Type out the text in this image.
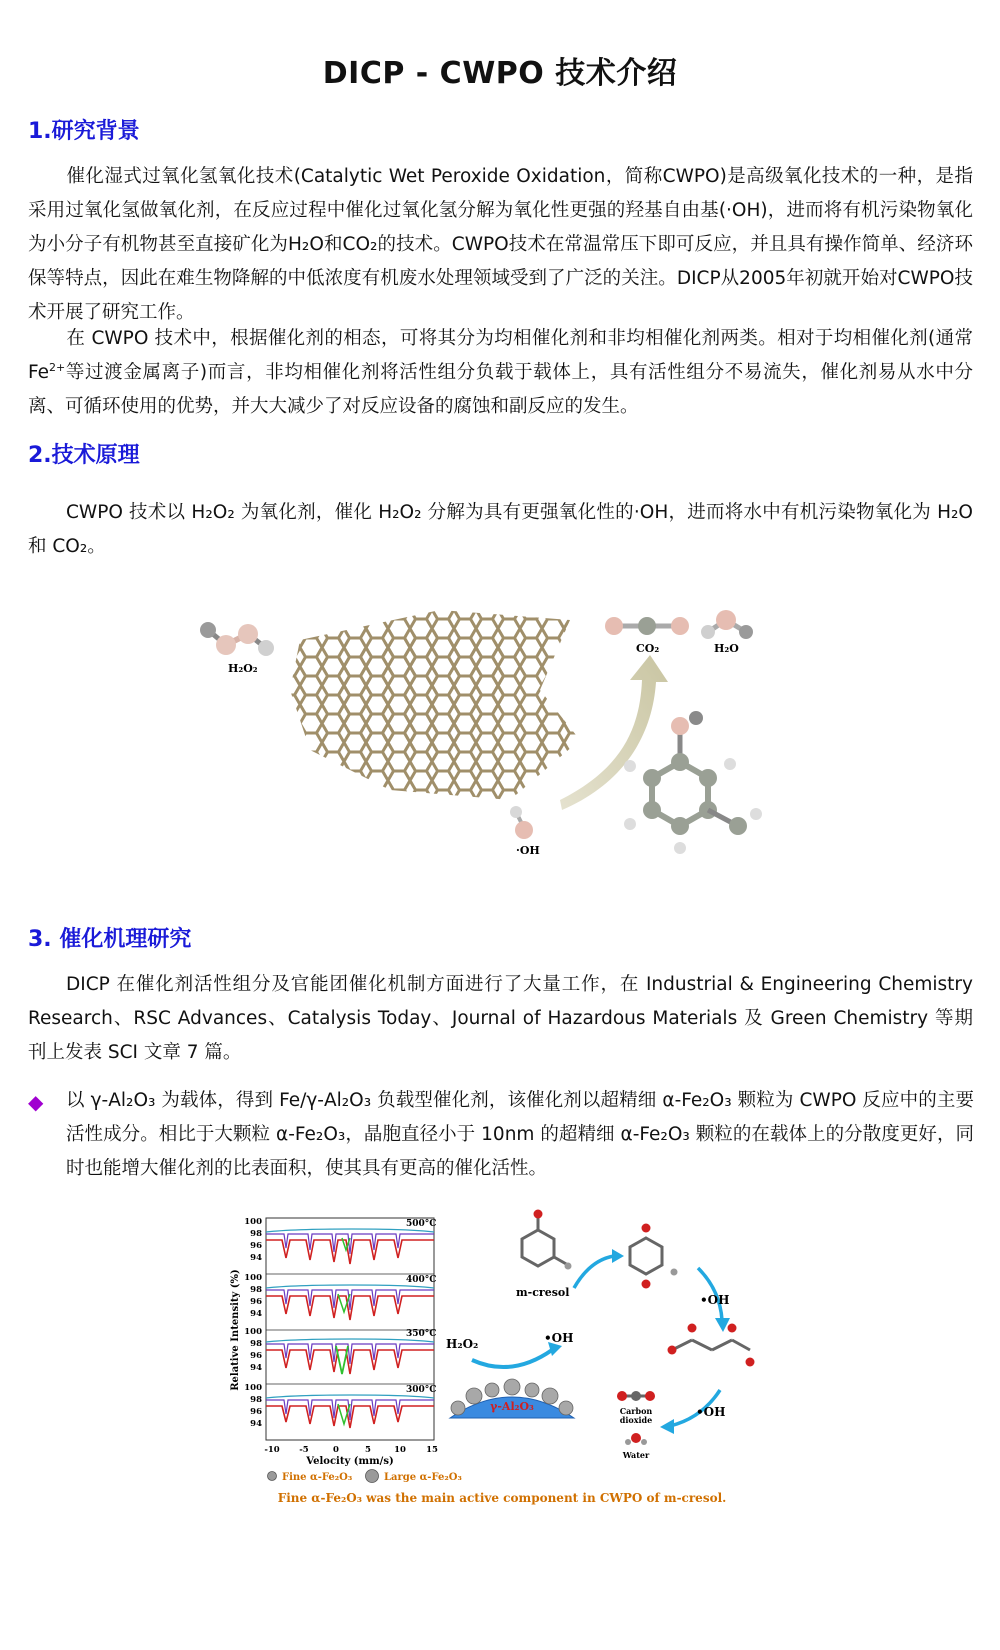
DICP - CWPO 技术介绍
1.研究背景
催化湿式过氧化氢氧化技术(Catalytic Wet Peroxide Oxidation，简称CWPO)是高级氧化技术的一种，是指采用过氧化氢做氧化剂，在反应过程中催化过氧化氢分解为氧化性更强的羟基自由基(·OH)，进而将有机污染物氧化为小分子有机物甚至直接矿化为H₂O和CO₂的技术。CWPO技术在常温常压下即可反应，并且具有操作简单、经济环保等特点，因此在难生物降解的中低浓度有机废水处理领域受到了广泛的关注。DICP从2005年初就开始对CWPO技术开展了研究工作。
在 CWPO 技术中，根据催化剂的相态，可将其分为均相催化剂和非均相催化剂两类。相对于均相催化剂(通常 $Fe^{2+}$等过渡金属离子)而言，非均相催化剂将活性组分负载于载体上，具有活性组分不易流失，催化剂易从水中分离、可循环使用的优势，并大大减少了对反应设备的腐蚀和副反应的发生。
2.技术原理
CWPO 技术以 H₂O₂ 为氧化剂，催化 H₂O₂ 分解为具有更强氧化性的·OH，进而将水中有机污染物氧化为 H₂O 和 CO₂。
H₂O₂
CO₂	H₂O
·OH
3. 催化机理研究
DICP 在催化剂活性组分及官能团催化机制方面进行了大量工作，在 Industrial & Engineering Chemistry Research、RSC Advances、Catalysis Today、Journal of Hazardous Materials 及 Green Chemistry 等期刊上发表 SCI 文章 7 篇。
◆ 以 γ-Al₂O₃ 为载体，得到 Fe/γ-Al₂O₃ 负载型催化剂，该催化剂以超精细 α-Fe₂O₃ 颗粒为 CWPO 反应中的主要活性成分。相比于大颗粒 α-Fe₂O₃，晶胞直径小于 10nm 的超精细 α-Fe₂O₃ 颗粒的在载体上的分散度更好，同时也能增大催化剂的比表面积，使其具有更高的催化活性。
100
98
96
94
100
98
96
94
100
98
96
94
100
98
96
94
500°C
400°C
350°C
300°C
-10 -5	0	5	10 15
Velocity (mm/s)
Relative Intensity (%)
Fine α-Fe₂O₃	Large α-Fe₂O₃
γ-Al₂O₃
H₂O₂	•OH
m-cresol
•OH
•OH
Carbon
dioxide
Water
Fine α-Fe₂O₃ was the main active component in CWPO of m-cresol.
